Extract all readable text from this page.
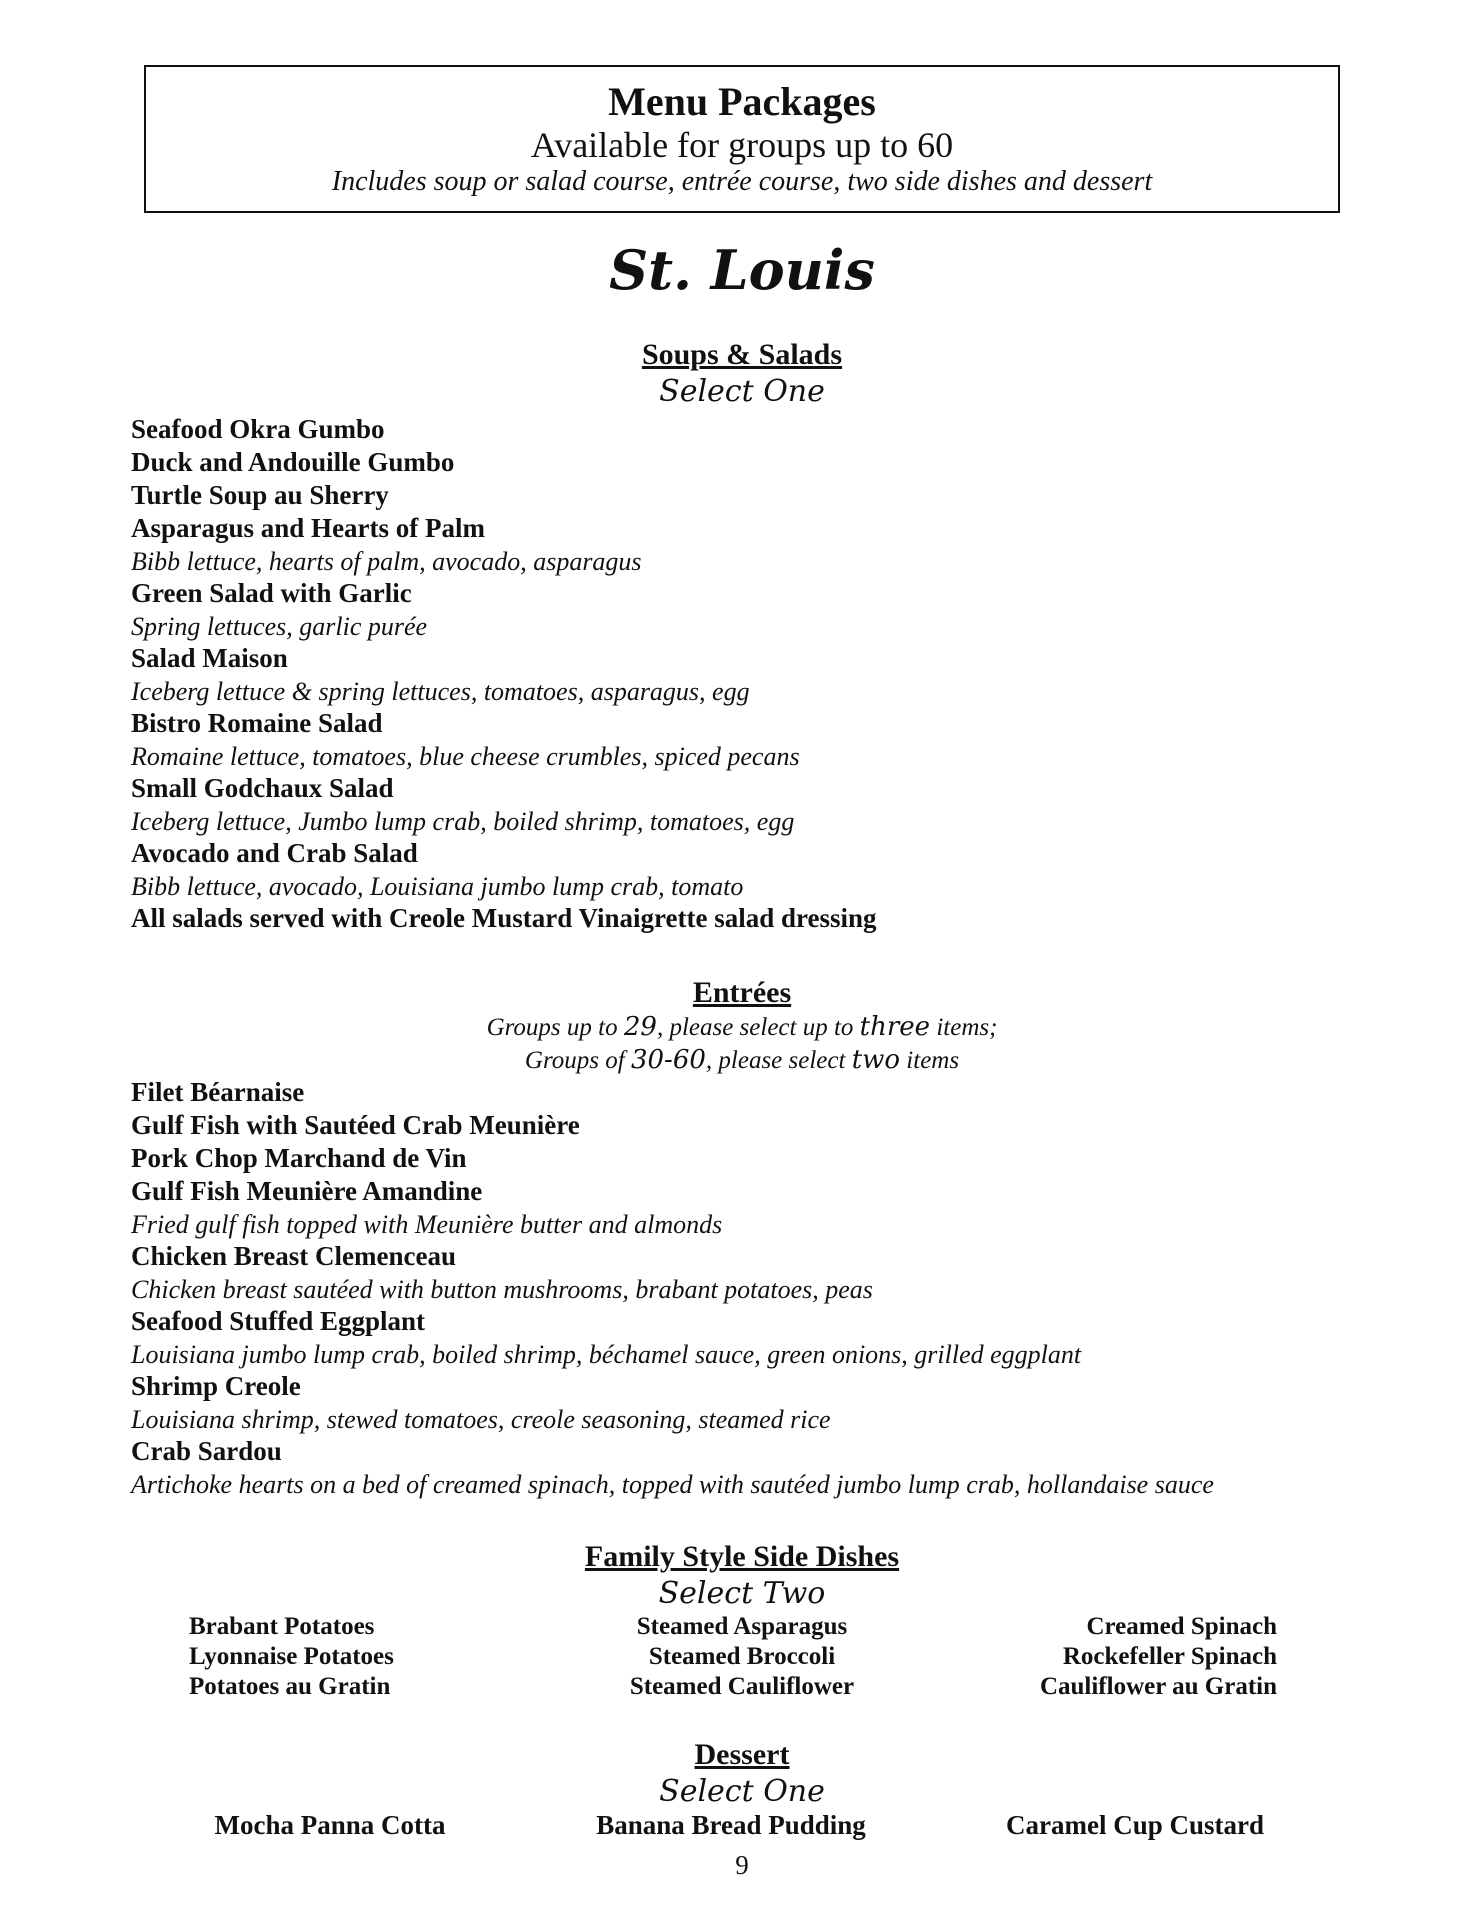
Menu Packages
Available for groups up to 60
Includes soup or salad course, entrée course, two side dishes and dessert
St. Louis
Soups & Salads
Select One
Seafood Okra Gumbo
Duck and Andouille Gumbo
Turtle Soup au Sherry
Asparagus and Hearts of Palm
Bibb lettuce, hearts of palm, avocado, asparagus
Green Salad with Garlic
Spring lettuces, garlic purée
Salad Maison
Iceberg lettuce & spring lettuces, tomatoes, asparagus, egg
Bistro Romaine Salad
Romaine lettuce, tomatoes, blue cheese crumbles, spiced pecans
Small Godchaux Salad
Iceberg lettuce, Jumbo lump crab, boiled shrimp, tomatoes, egg
Avocado and Crab Salad
Bibb lettuce, avocado, Louisiana jumbo lump crab, tomato
All salads served with Creole Mustard Vinaigrette salad dressing
Entrées
Groups up to 29, please select up to three items;
Groups of 30-60, please select two items
Filet Béarnaise
Gulf Fish with Sautéed Crab Meunière
Pork Chop Marchand de Vin
Gulf Fish Meunière Amandine
Fried gulf fish topped with Meunière butter and almonds
Chicken Breast Clemenceau
Chicken breast sautéed with button mushrooms, brabant potatoes, peas
Seafood Stuffed Eggplant
Louisiana jumbo lump crab, boiled shrimp, béchamel sauce, green onions, grilled eggplant
Shrimp Creole
Louisiana shrimp, stewed tomatoes, creole seasoning, steamed rice
Crab Sardou
Artichoke hearts on a bed of creamed spinach, topped with sautéed jumbo lump crab, hollandaise sauce
Family Style Side Dishes
Select Two
Brabant Potatoes
Lyonnaise Potatoes
Potatoes au Gratin
Steamed Asparagus
Steamed Broccoli
Steamed Cauliflower
Creamed Spinach
Rockefeller Spinach
Cauliflower au Gratin
Dessert
Select One
Mocha Panna Cotta	Banana Bread Pudding	Caramel Cup Custard
9
